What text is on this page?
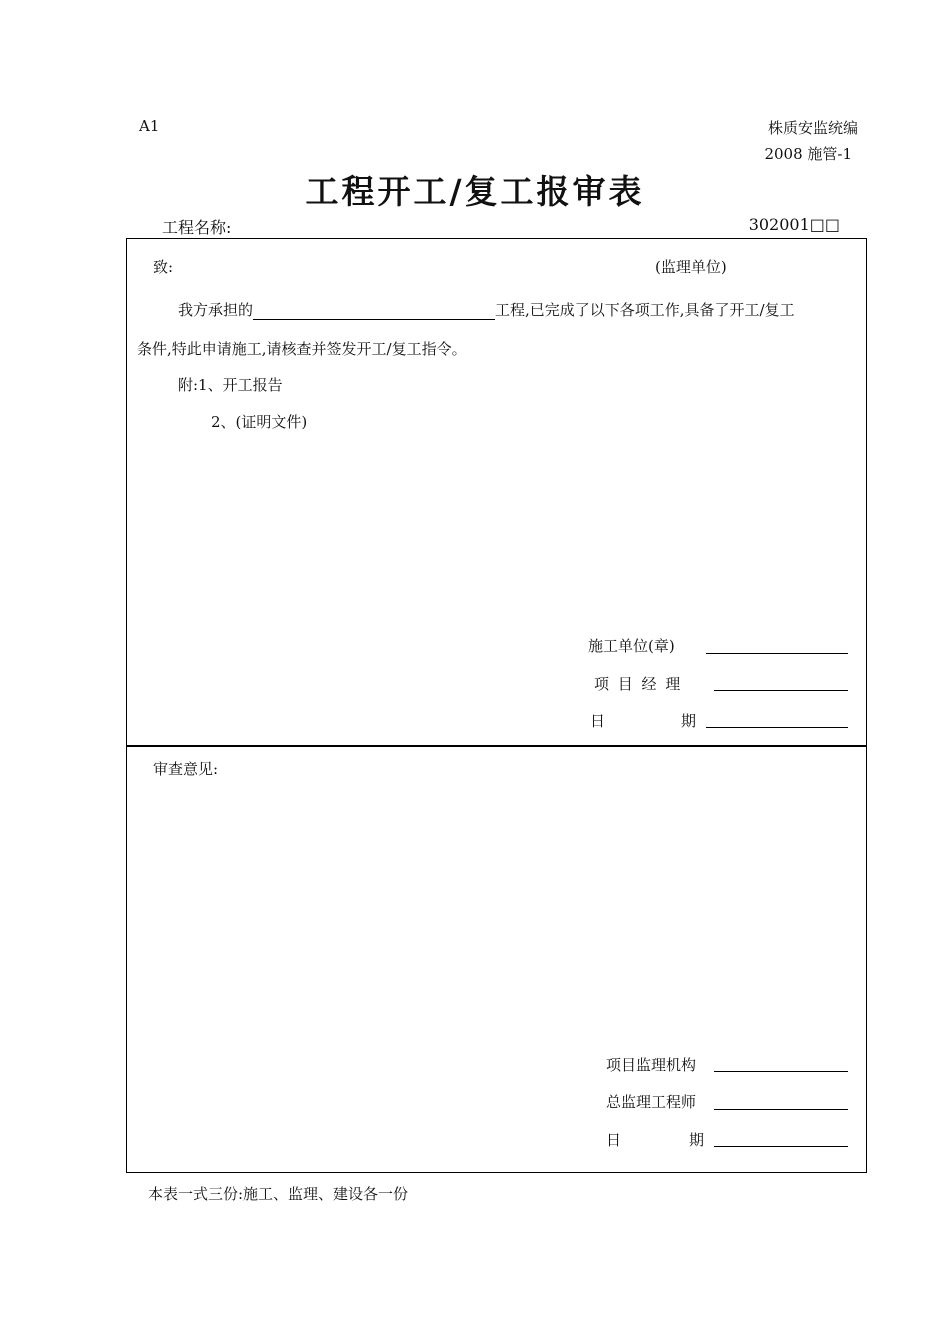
A1	株质安监统编
2008 施管-1
工程开工/复工报审表
工程名称:	302001□□
致:	(监理单位)
我方承担的	工程,已完成了以下各项工作,具备了开工/复工
条件,特此申请施工,请核查并签发开工/复工指令。
附:1、开工报告
2、(证明文件)
施工单位(章)
项 目 经 理
日	期
审查意见:
项目监理机构
总监理工程师
日	期
本表一式三份:施工、监理、建设各一份
